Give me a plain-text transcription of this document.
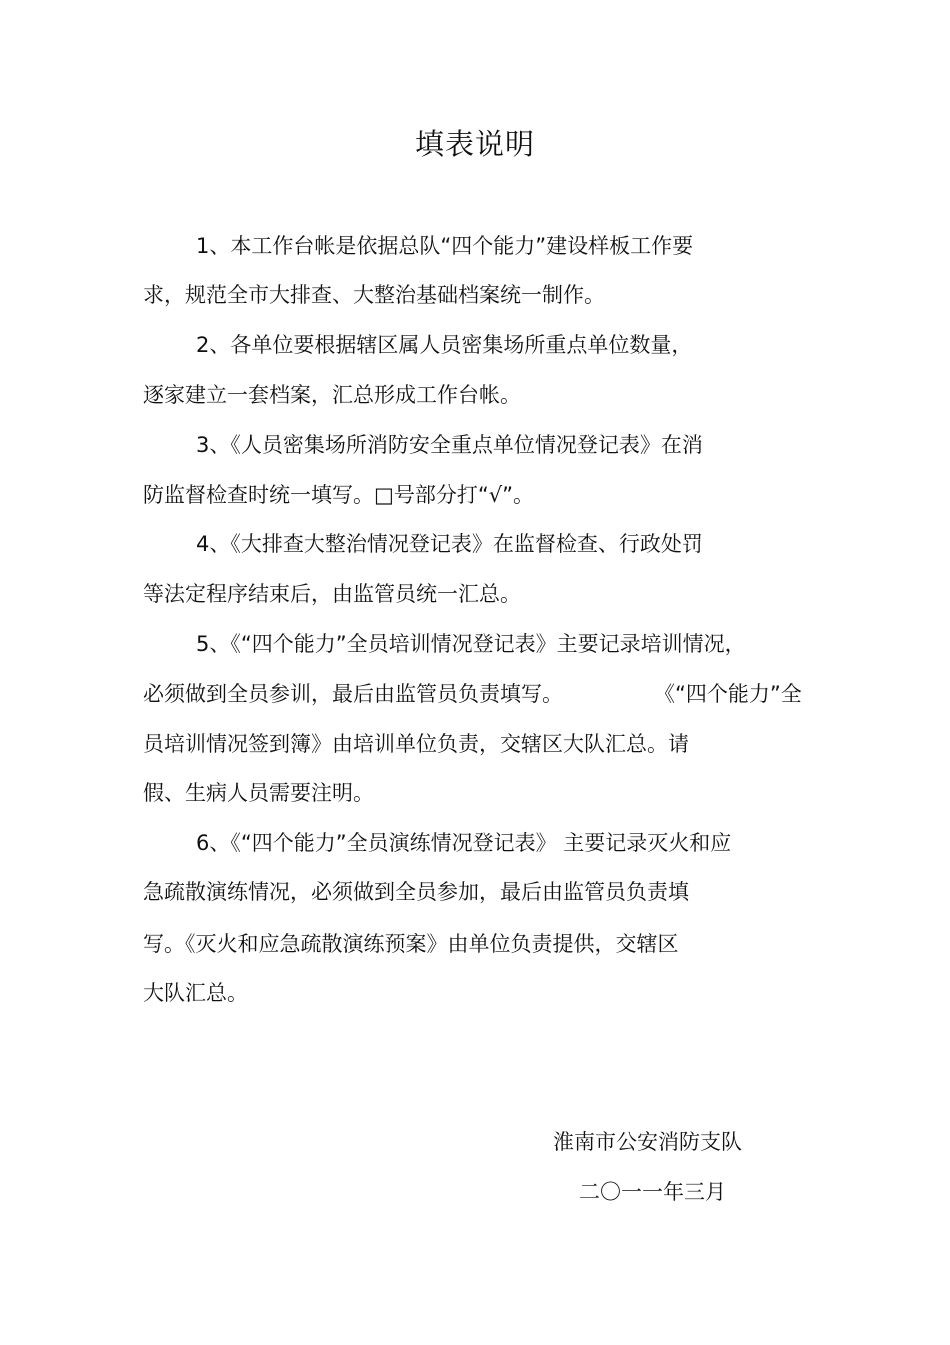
填表说明
1、本工作台帐是依据总队“四个能力”建设样板工作要
求，规范全市大排查、大整治基础档案统一制作。
2、各单位要根据辖区属人员密集场所重点单位数量，
逐家建立一套档案，汇总形成工作台帐。
3、《人员密集场所消防安全重点单位情况登记表》在消
防监督检查时统一填写。□号部分打“√”。
4、《大排查大整治情况登记表》在监督检查、行政处罚
等法定程序结束后，由监管员统一汇总。
5、《“四个能力”全员培训情况登记表》主要记录培训情况，
必须做到全员参训，最后由监管员负责填写。	《“四个能力”全
员培训情况签到簿》由培训单位负责，交辖区大队汇总。请
假、生病人员需要注明。
6、《“四个能力”全员演练情况登记表》 主要记录灭火和应
急疏散演练情况，必须做到全员参加，最后由监管员负责填
写。《灭火和应急疏散演练预案》由单位负责提供，交辖区
大队汇总。
淮南市公安消防支队
二〇一一年三月
